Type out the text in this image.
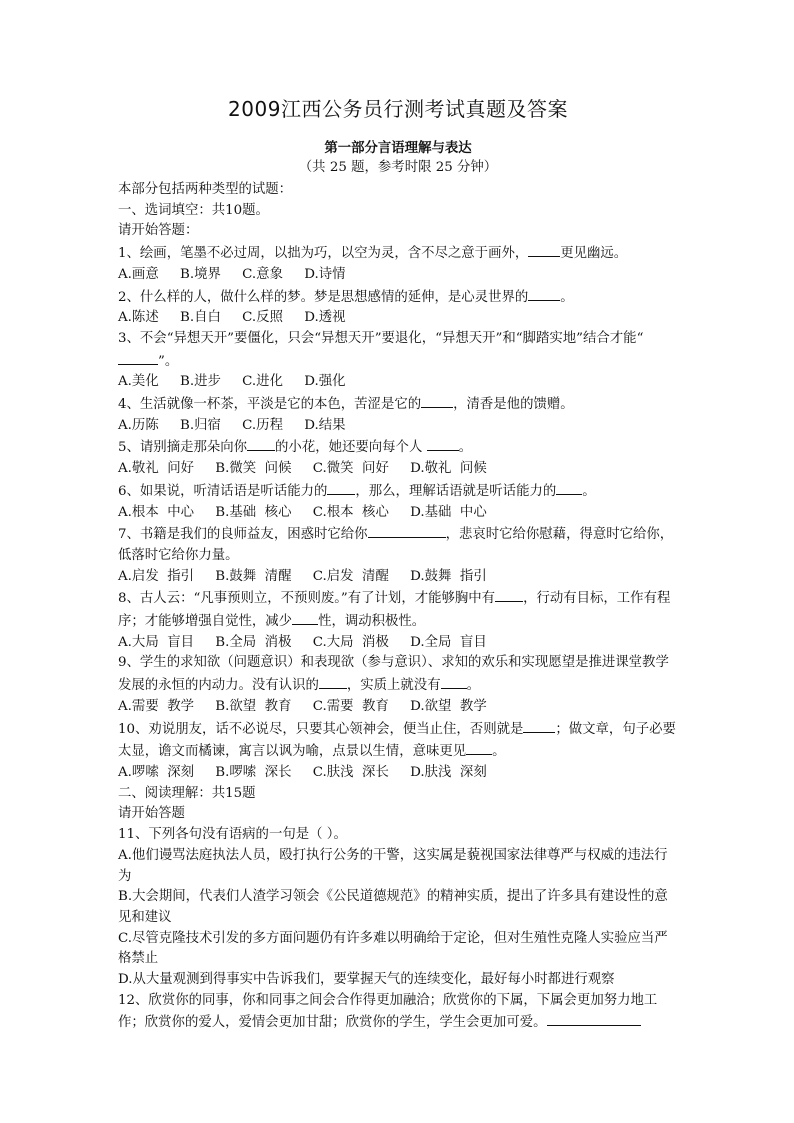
2009江西公务员行测考试真题及答案

第一部分言语理解与表达

（共 25 题，参考时限 25 分钟）

本部分包括两种类型的试题：

一、选词填空：共10题。

请开始答题：

1、绘画，笔墨不必过周，以拙为巧，以空为灵，含不尽之意于画外， 更见幽远。

A.画意     B.境界     C.意象     D.诗情

2、什么样的人，做什么样的梦。梦是思想感情的延伸，是心灵世界的 。

A.陈述     B.自白     C.反照     D.透视

3、不会“异想天开”要僵化，只会“异想天开”要退化，“异想天开”和“脚踏实地”结合才能“”。

A.美化     B.进步     C.进化     D.强化

4、生活就像一杯茶，平淡是它的本色，苦涩是它的 ，清香是他的馈赠。

A.历陈     B.归宿     C.历程     D.结果

5、请别摘走那朵向你 的小花，她还要向每个人 。

A.敬礼  问好     B.微笑  问候     C.微笑  问好     D.敬礼  问候

6、如果说，听清话语是听话能力的 ，那么，理解话语就是听话能力的 。

A.根本  中心     B.基础  核心     C.根本  核心     D.基础  中心

7、书籍是我们的良师益友，困惑时它给你	，悲哀时它给你慰藉，得意时它给你，低落时它给你力量。

A.启发  指引     B.鼓舞  清醒     C.启发  清醒     D.鼓舞  指引

8、古人云：“凡事预则立，不预则废。”有了计划，才能够胸中有 ，行动有目标，工作有程序；才能够增强自觉性，减少 性，调动积极性。

A.大局  盲目     B.全局  消极     C.大局  消极     D.全局  盲目

9、学生的求知欲（问题意识）和表现欲（参与意识）、求知的欢乐和实现愿望是推进课堂教学发展的永恒的内动力。没有认识的 ，实质上就没有 。

A.需要  教学     B.欲望  教育     C.需要  教育     D.欲望  教学

10、劝说朋友，话不必说尽，只要其心领神会，便当止住，否则就是 ；做文章，句子必要太显，谵文而橘谏，寓言以讽为喻，点景以生情，意味更见 。

A.啰嗦  深刻     B.啰嗦  深长     C.肤浅  深长     D.肤浅  深刻

二、阅读理解：共15题

请开始答题

11、下列各句没有语病的一句是（ ）。

A.他们谩骂法庭执法人员，殴打执行公务的干警，这实属是藐视国家法律尊严与权威的违法行为

B.大会期间，代表们人渣学习领会《公民道德规范》的精神实质，提出了许多具有建设性的意见和建议

C.尽管克隆技术引发的多方面问题仍有许多难以明确给于定论，但对生殖性克隆人实验应当严格禁止

D.从大量观测到得事实中告诉我们，要掌握天气的连续变化，最好每小时都进行观察

12、欣赏你的同事，你和同事之间会合作得更加融洽；欣赏你的下属，下属会更加努力地工作；欣赏你的爱人，爱情会更加甘甜；欣赏你的学生，学生会更加可爱。
